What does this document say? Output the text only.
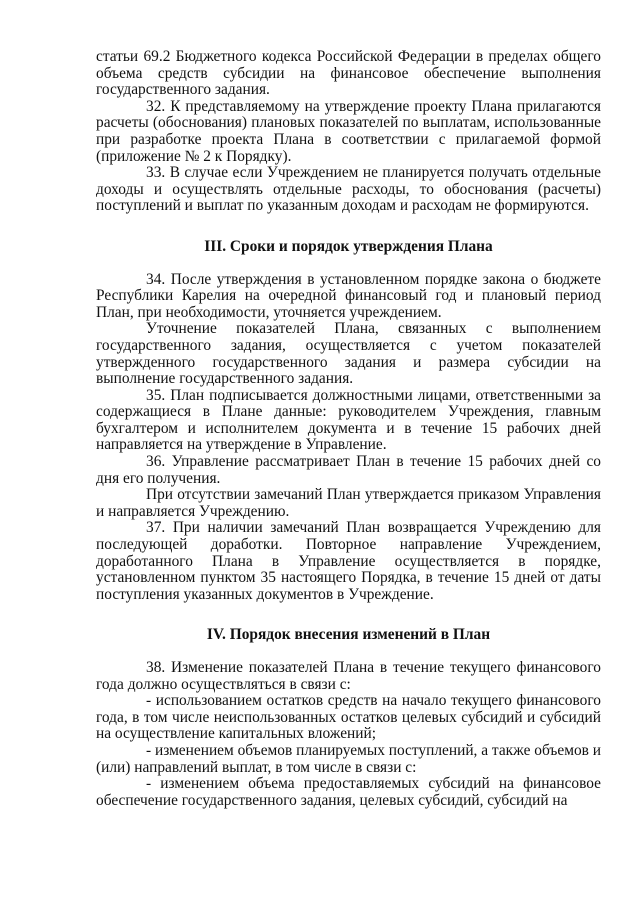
статьи 69.2 Бюджетного кодекса Российской Федерации в пределах общего объема средств субсидии на финансовое обеспечение выполнения государственного задания.

32. К представляемому на утверждение проекту Плана прилагаются расчеты (обоснования) плановых показателей по выплатам, использованные при разработке проекта Плана в соответствии с прилагаемой формой (приложение № 2 к Порядку).

33. В случае если Учреждением не планируется получать отдельные доходы и осуществлять отдельные расходы, то обоснования (расчеты) поступлений и выплат по указанным доходам и расходам не формируются.

III. Сроки и порядок утверждения Плана

34. После утверждения в установленном порядке закона о бюджете Республики Карелия на очередной финансовый год и плановый период План, при необходимости, уточняется учреждением.

Уточнение показателей Плана, связанных с выполнением государственного задания, осуществляется с учетом показателей утвержденного государственного задания и размера субсидии на выполнение государственного задания.

35. План подписывается должностными лицами, ответственными за содержащиеся в Плане данные: руководителем Учреждения, главным бухгалтером и исполнителем документа и в течение 15 рабочих дней направляется на утверждение в Управление.

36. Управление рассматривает План в течение 15 рабочих дней со дня его получения.

При отсутствии замечаний План утверждается приказом Управления и направляется Учреждению.

37. При наличии замечаний План возвращается Учреждению для последующей доработки. Повторное направление Учреждением, доработанного Плана в Управление осуществляется в порядке, установленном пунктом 35 настоящего Порядка, в течение 15 дней от даты поступления указанных документов в Учреждение.

IV. Порядок внесения изменений в План

38. Изменение показателей Плана в течение текущего финансового года должно осуществляться в связи с:

- использованием остатков средств на начало текущего финансового года, в том числе неиспользованных остатков целевых субсидий и субсидий на осуществление капитальных вложений;

- изменением объемов планируемых поступлений, а также объемов и (или) направлений выплат, в том числе в связи с:

- изменением объема предоставляемых субсидий на финансовое обеспечение государственного задания, целевых субсидий, субсидий на
